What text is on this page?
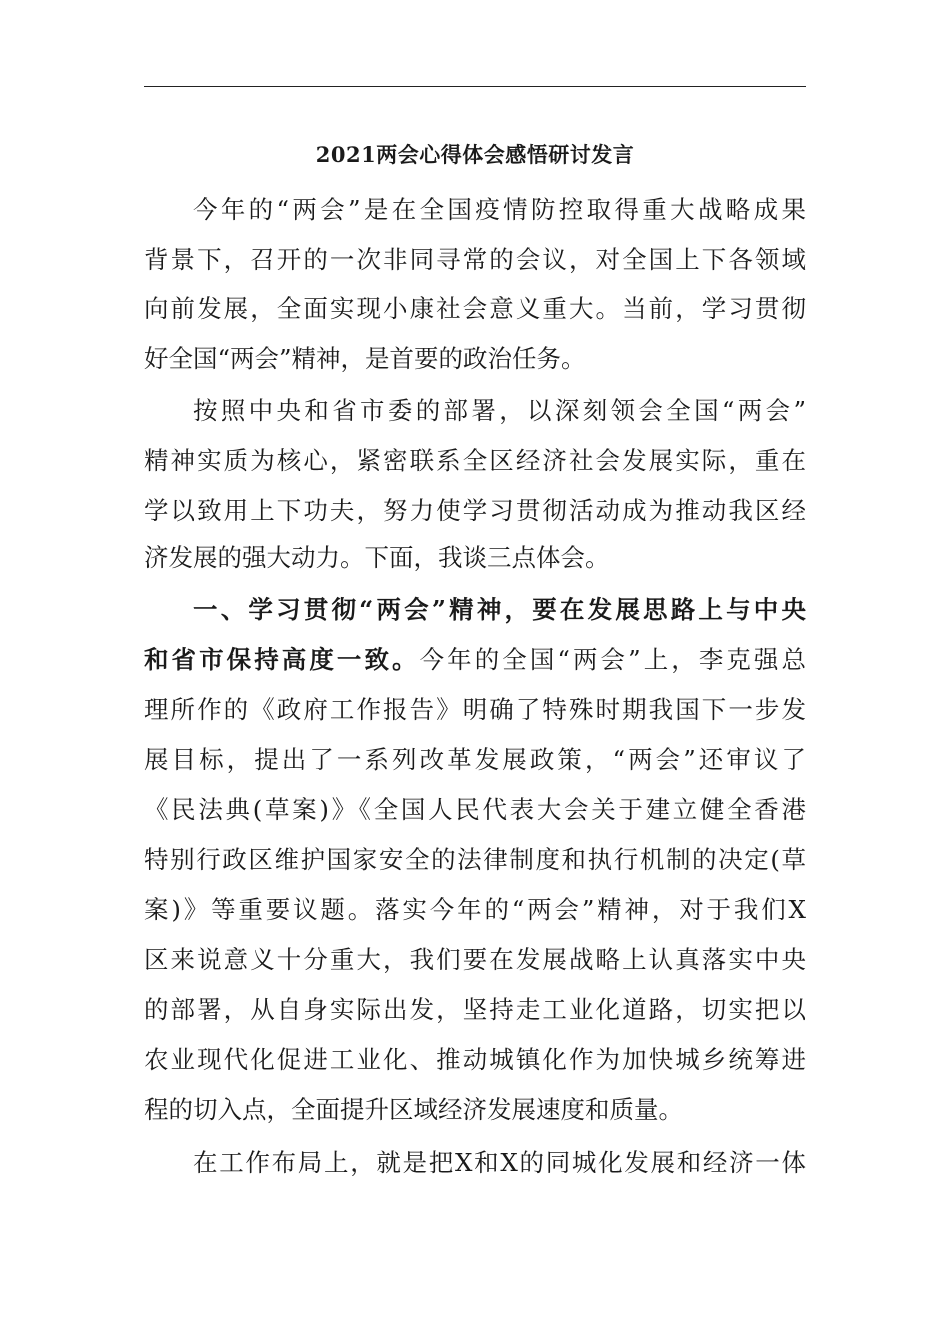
2021两会心得体会感悟研讨发言
今年的“两会”是在全国疫情防控取得重大战略成果
背景下，召开的一次非同寻常的会议，对全国上下各领域
向前发展，全面实现小康社会意义重大。当前，学习贯彻
好全国“两会”精神，是首要的政治任务。
按照中央和省市委的部署，以深刻领会全国“两会”
精神实质为核心，紧密联系全区经济社会发展实际，重在
学以致用上下功夫，努力使学习贯彻活动成为推动我区经
济发展的强大动力。下面，我谈三点体会。
一、学习贯彻“两会”精神，要在发展思路上与中央
和省市保持高度一致。今年的全国“两会”上，李克强总
理所作的《政府工作报告》明确了特殊时期我国下一步发
展目标，提出了一系列改革发展政策，“两会”还审议了
《民法典(草案)》《全国人民代表大会关于建立健全香港
特别行政区维护国家安全的法律制度和执行机制的决定(草
案)》等重要议题。落实今年的“两会”精神，对于我们X
区来说意义十分重大，我们要在发展战略上认真落实中央
的部署，从自身实际出发，坚持走工业化道路，切实把以
农业现代化促进工业化、推动城镇化作为加快城乡统筹进
程的切入点，全面提升区域经济发展速度和质量。
在工作布局上，就是把X和X的同城化发展和经济一体
